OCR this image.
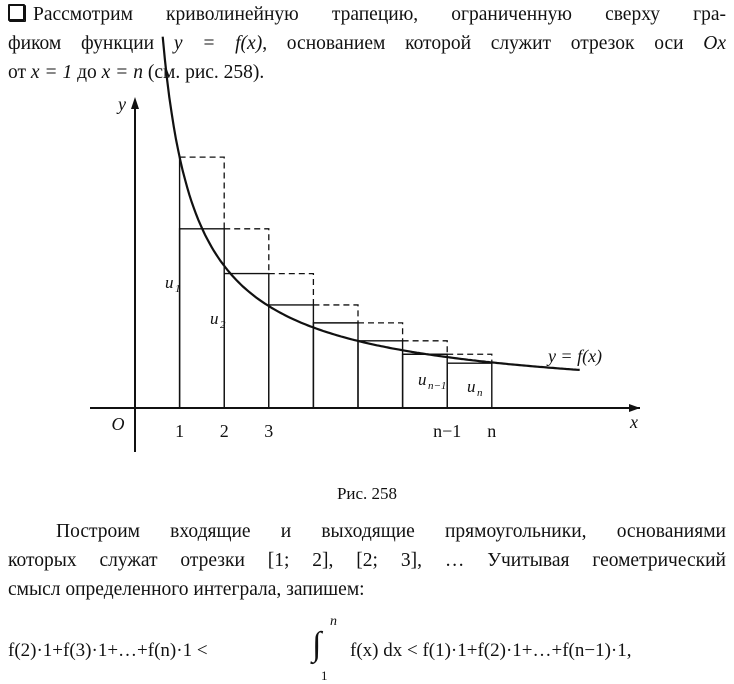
Рассмотрим криволинейную трапецию, ограниченную сверху гра-
фиком функции y = f(x), основанием которой служит отрезок оси Ox
от x = 1 до x = n (см. рис. 258).
y
x
O
y = f(x)
1 2 3	n−1 n
u 1
u 2
u n−1 u n
Рис. 258
Построим входящие и выходящие прямоугольники, основаниями
которых служат отрезки [1; 2], [2; 3], … Учитывая геометрический
смысл определенного интеграла, запишем:
f(2)·1+f(3)·1+…+f(n)·1 <	∫
n
1
f(x) dx < f(1)·1+f(2)·1+…+f(n−1)·1,
